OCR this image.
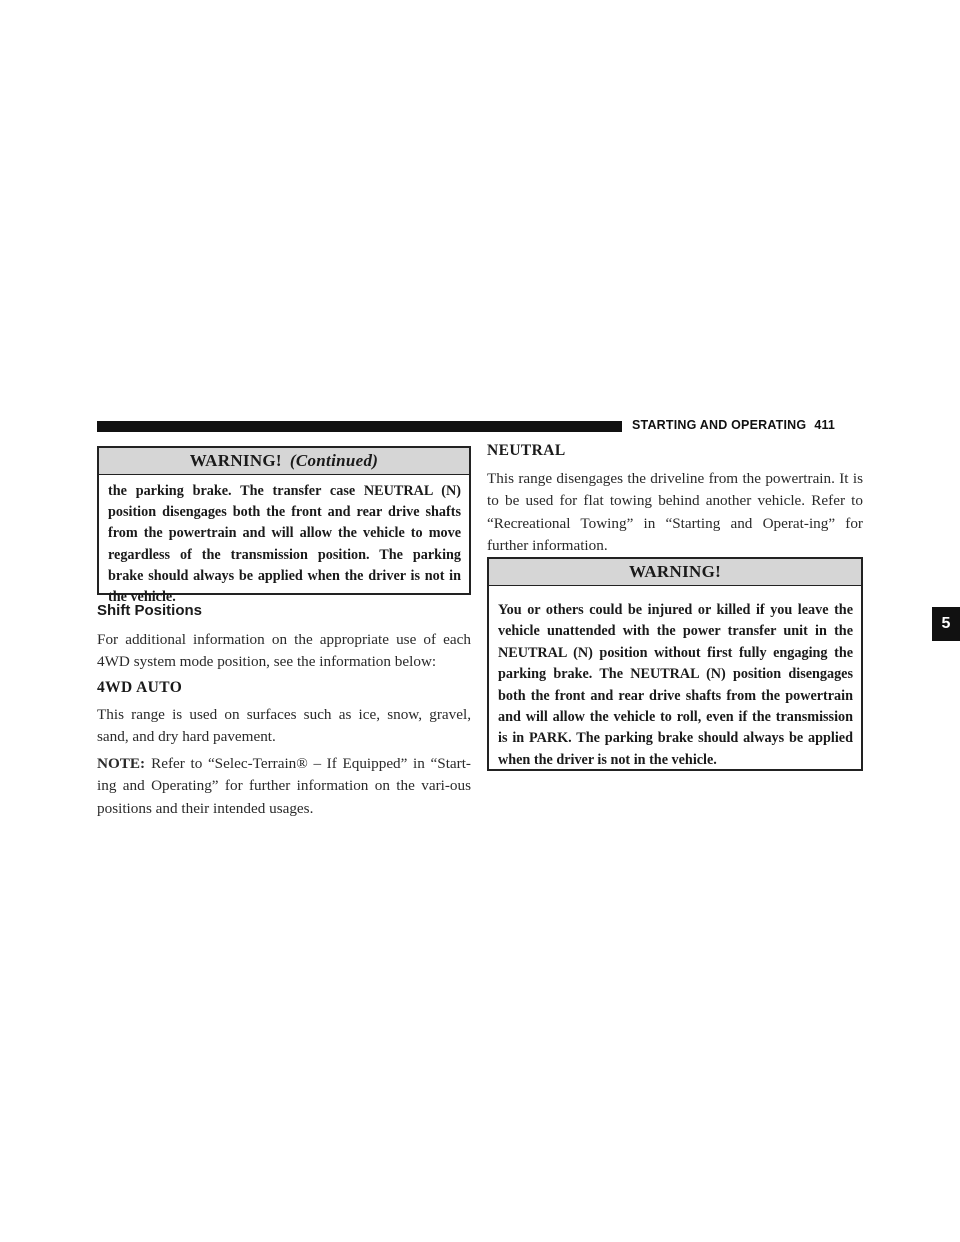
STARTING AND OPERATING 411
5
WARNING! (Continued)
the parking brake. The transfer case NEUTRAL (N) position disengages both the front and rear drive shafts from the powertrain and will allow the vehicle to move regardless of the transmission position. The parking brake should always be applied when the driver is not in the vehicle.
Shift Positions
For additional information on the appropriate use of each 4WD system mode position, see the information below:
4WD AUTO
This range is used on surfaces such as ice, snow, gravel, sand, and dry hard pavement.
NOTE: Refer to “Selec-Terrain® – If Equipped” in “Start-ing and Operating” for further information on the vari-ous positions and their intended usages.
NEUTRAL
This range disengages the driveline from the powertrain. It is to be used for flat towing behind another vehicle. Refer to “Recreational Towing” in “Starting and Operat-ing” for further information.
WARNING!
You or others could be injured or killed if you leave the vehicle unattended with the power transfer unit in the NEUTRAL (N) position without first fully engaging the parking brake. The NEUTRAL (N) position disengages both the front and rear drive shafts from the powertrain and will allow the vehicle to roll, even if the transmission is in PARK. The parking brake should always be applied when the driver is not in the vehicle.
